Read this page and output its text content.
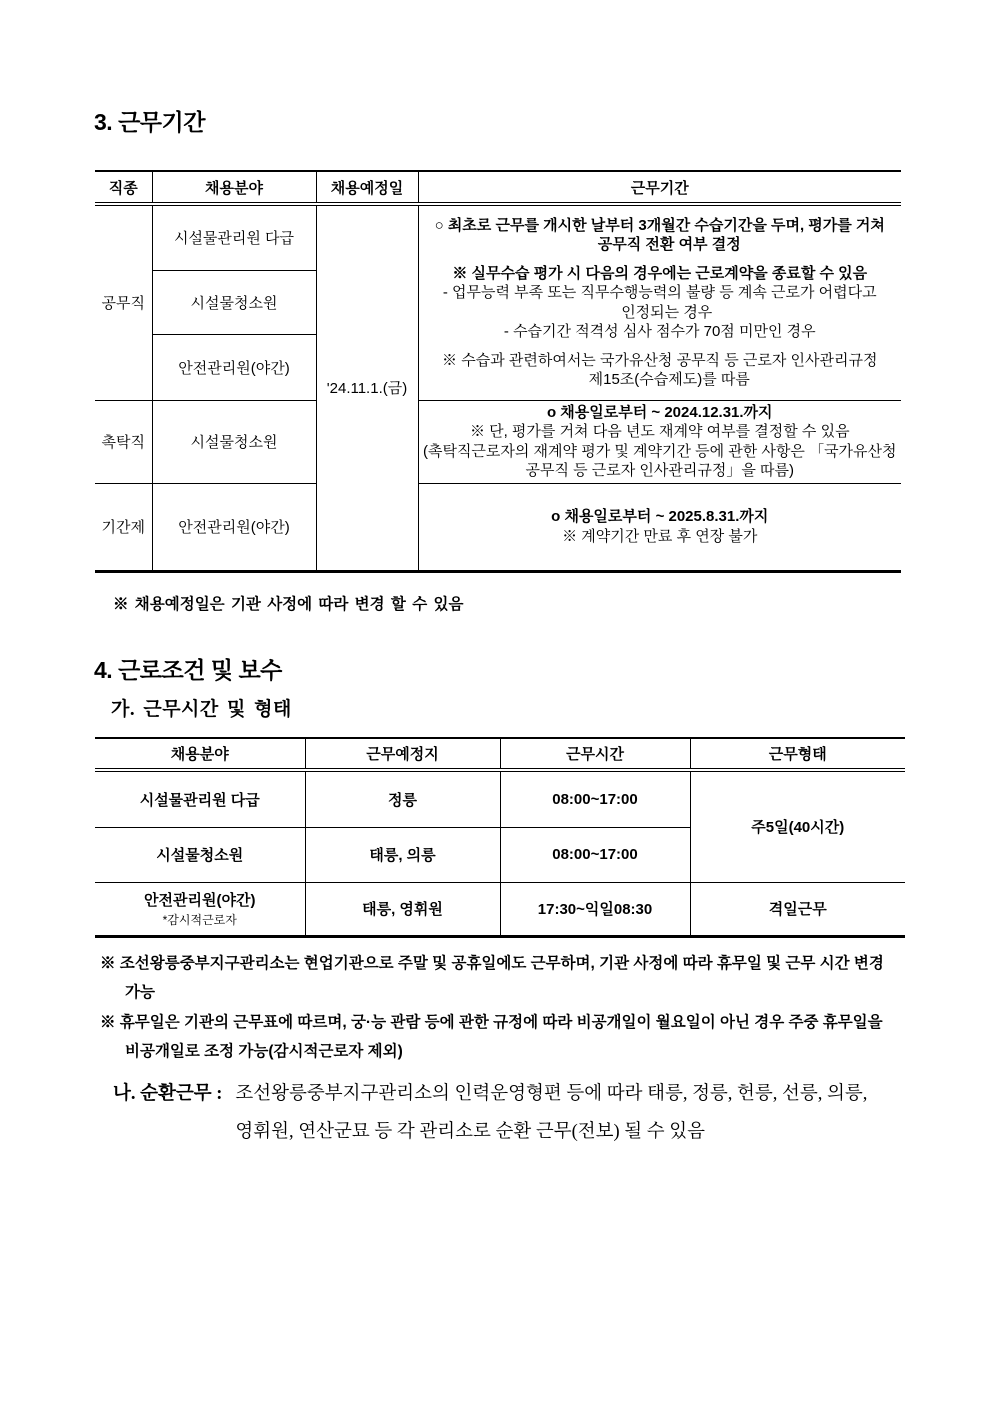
3. 근무기간
직종	채용분야	채용예정일	근무기간
공무직	시설물관리원 다급	'24.11.1.(금)	○ 최초로 근무를 개시한 날부터 3개월간 수습기간을 두며, 평가를 거쳐 공무직 전환 여부 결정
※ 실무수습 평가 시 다음의 경우에는 근로계약을 종료할 수 있음
- 업무능력 부족 또는 직무수행능력의 불량 등 계속 근로가 어렵다고 인정되는 경우
- 수습기간 적격성 심사 점수가 70점 미만인 경우
※ 수습과 관련하여서는 국가유산청 공무직 등 근로자 인사관리규정 제15조(수습제도)를 따름

	시설물청소원		
	안전관리원(야간)		
촉탁직	시설물청소원		o 채용일로부터 ~ 2024.12.31.까지
※ 단, 평가를 거쳐 다음 년도 재계약 여부를 결정할 수 있음
(촉탁직근로자의 재계약 평가 및 계약기간 등에 관한 사항은 「국가유산청 공무직 등 근로자 인사관리규정」을 따름)

기간제	안전관리원(야간)		o 채용일로부터 ~ 2025.8.31.까지
※ 계약기간 만료 후 연장 불가
※ 채용예정일은 기관 사정에 따라 변경 할 수 있음
4. 근로조건 및 보수
가. 근무시간 및 형태
채용분야	근무예정지	근무시간	근무형태
시설물관리원 다급	정릉	08:00~17:00	주5일(40시간)
시설물청소원	태릉, 의릉	08:00~17:00	
안전관리원(야간)
*감시적근로자	태릉, 영휘원	17:30~익일08:30	격일근무
※ 조선왕릉중부지구관리소는 현업기관으로 주말 및 공휴일에도 근무하며, 기관 사정에 따라 휴무일 및 근무 시간 변경 가능
※ 휴무일은 기관의 근무표에 따르며, 궁·능 관람 등에 관한 규정에 따라 비공개일이 월요일이 아닌 경우 주중 휴무일을 비공개일로 조정 가능(감시적근로자 제외)
나. 순환근무 : 조선왕릉중부지구관리소의 인력운영형편 등에 따라 태릉, 정릉, 헌릉, 선릉, 의릉, 영휘원, 연산군묘 등 각 관리소로 순환 근무(전보) 될 수 있음
